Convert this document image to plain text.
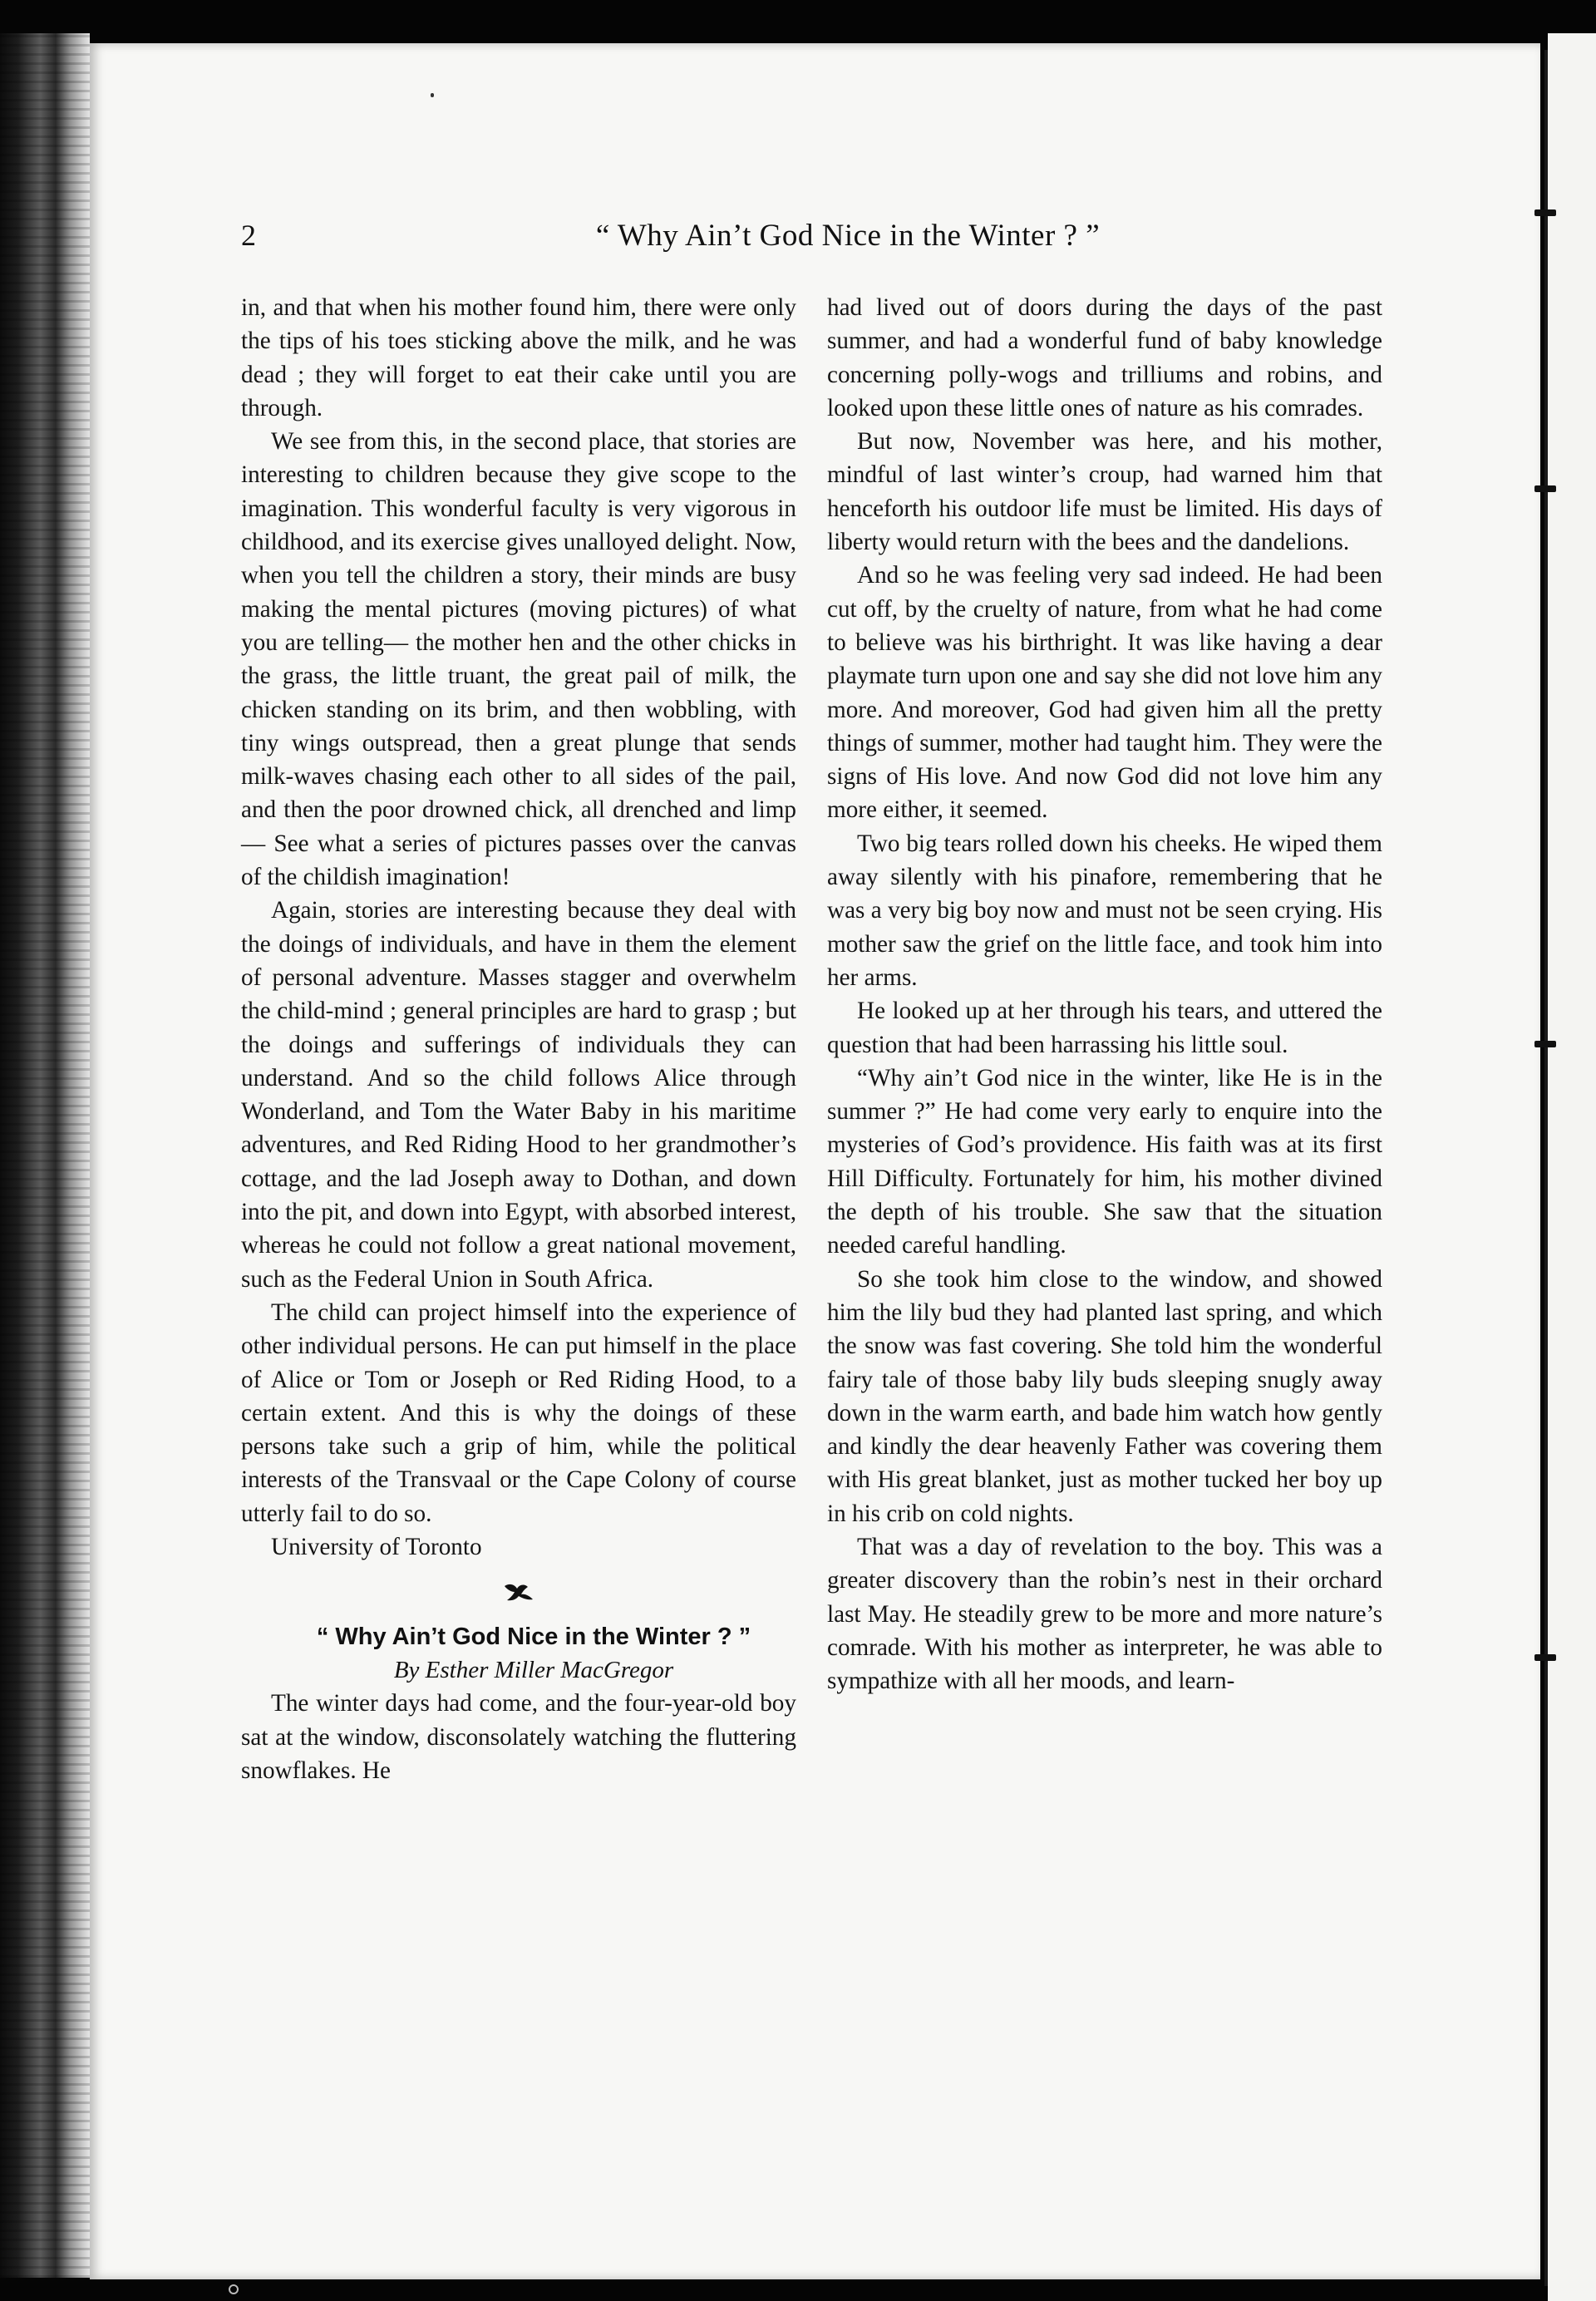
2	“ Why Ain’t God Nice in the Winter ? ”

in, and that when his mother found him, there were only the tips of his toes sticking above the milk, and he was dead ; they will forget to eat their cake until you are through.

We see from this, in the second place, that stories are interesting to children because they give scope to the imagination. This wonderful faculty is very vigorous in childhood, and its exercise gives unalloyed delight. Now, when you tell the children a story, their minds are busy making the mental pictures (moving pictures) of what you are telling— the mother hen and the other chicks in the grass, the little truant, the great pail of milk, the chicken standing on its brim, and then wobbling, with tiny wings outspread, then a great plunge that sends milk-waves chasing each other to all sides of the pail, and then the poor drowned chick, all drenched and limp— See what a series of pictures passes over the canvas of the childish imagination!

Again, stories are interesting because they deal with the doings of individuals, and have in them the element of personal adventure. Masses stagger and overwhelm the child-mind ; general principles are hard to grasp ; but the doings and sufferings of individuals they can understand. And so the child follows Alice through Wonderland, and Tom the Water Baby in his maritime adventures, and Red Riding Hood to her grandmother’s cottage, and the lad Joseph away to Dothan, and down into the pit, and down into Egypt, with absorbed interest, whereas he could not follow a great national movement, such as the Federal Union in South Africa.

The child can project himself into the experience of other individual persons. He can put himself in the place of Alice or Tom or Joseph or Red Riding Hood, to a certain extent. And this is why the doings of these persons take such a grip of him, while the political interests of the Transvaal or the Cape Colony of course utterly fail to do so.

University of Toronto

“ Why Ain’t God Nice in the Winter ? ”

By Esther Miller MacGregor

The winter days had come, and the four-year-old boy sat at the window, disconsolately watching the fluttering snowflakes. He

had lived out of doors during the days of the past summer, and had a wonderful fund of baby knowledge concerning polly-wogs and trilliums and robins, and looked upon these little ones of nature as his comrades.

But now, November was here, and his mother, mindful of last winter’s croup, had warned him that henceforth his outdoor life must be limited. His days of liberty would return with the bees and the dandelions.

And so he was feeling very sad indeed. He had been cut off, by the cruelty of nature, from what he had come to believe was his birthright. It was like having a dear playmate turn upon one and say she did not love him any more. And moreover, God had given him all the pretty things of summer, mother had taught him. They were the signs of His love. And now God did not love him any more either, it seemed.

Two big tears rolled down his cheeks. He wiped them away silently with his pinafore, remembering that he was a very big boy now and must not be seen crying. His mother saw the grief on the little face, and took him into her arms.

He looked up at her through his tears, and uttered the question that had been harrassing his little soul.

“Why ain’t God nice in the winter, like He is in the summer ?” He had come very early to enquire into the mysteries of God’s providence. His faith was at its first Hill Difficulty. Fortunately for him, his mother divined the depth of his trouble. She saw that the situation needed careful handling.

So she took him close to the window, and showed him the lily bud they had planted last spring, and which the snow was fast covering. She told him the wonderful fairy tale of those baby lily buds sleeping snugly away down in the warm earth, and bade him watch how gently and kindly the dear heavenly Father was covering them with His great blanket, just as mother tucked her boy up in his crib on cold nights.

That was a day of revelation to the boy. This was a greater discovery than the robin’s nest in their orchard last May. He steadily grew to be more and more nature’s comrade. With his mother as interpreter, he was able to sympathize with all her moods, and learn-
